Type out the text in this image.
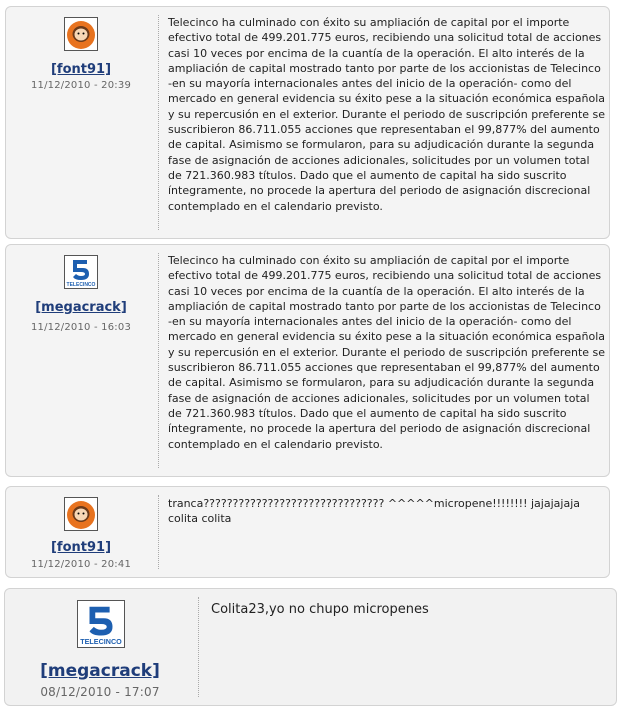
[font91]
11/12/2010 - 20:39

Telecinco ha culminado con éxito su ampliación de capital por el importe efectivo total de 499.201.775 euros, recibiendo una solicitud total de acciones casi 10 veces por encima de la cuantía de la operación. El alto interés de la ampliación de capital mostrado tanto por parte de los accionistas de Telecinco -en su mayoría internacionales antes del inicio de la operación- como del mercado en general evidencia su éxito pese a la situación económica española y su repercusión en el exterior. Durante el periodo de suscripción preferente se suscribieron 86.711.055 acciones que representaban el 99,877% del aumento de capital. Asimismo se formularon, para su adjudicación durante la segunda fase de asignación de acciones adicionales, solicitudes por un volumen total de 721.360.983 títulos. Dado que el aumento de capital ha sido suscrito íntegramente, no procede la apertura del periodo de asignación discrecional contemplado en el calendario previsto.

TELECINCO
[megacrack]
11/12/2010 - 16:03

Telecinco ha culminado con éxito su ampliación de capital por el importe efectivo total de 499.201.775 euros, recibiendo una solicitud total de acciones casi 10 veces por encima de la cuantía de la operación. El alto interés de la ampliación de capital mostrado tanto por parte de los accionistas de Telecinco -en su mayoría internacionales antes del inicio de la operación- como del mercado en general evidencia su éxito pese a la situación económica española y su repercusión en el exterior. Durante el periodo de suscripción preferente se suscribieron 86.711.055 acciones que representaban el 99,877% del aumento de capital. Asimismo se formularon, para su adjudicación durante la segunda fase de asignación de acciones adicionales, solicitudes por un volumen total de 721.360.983 títulos. Dado que el aumento de capital ha sido suscrito íntegramente, no procede la apertura del periodo de asignación discrecional contemplado en el calendario previsto.

[font91]
11/12/2010 - 20:41

tranca??????????????????????????????? ^^^^^micropene!!!!!!!! jajajajaja colita colita

TELECINCO
[megacrack]
08/12/2010 - 17:07

Colita23,yo no chupo micropenes
